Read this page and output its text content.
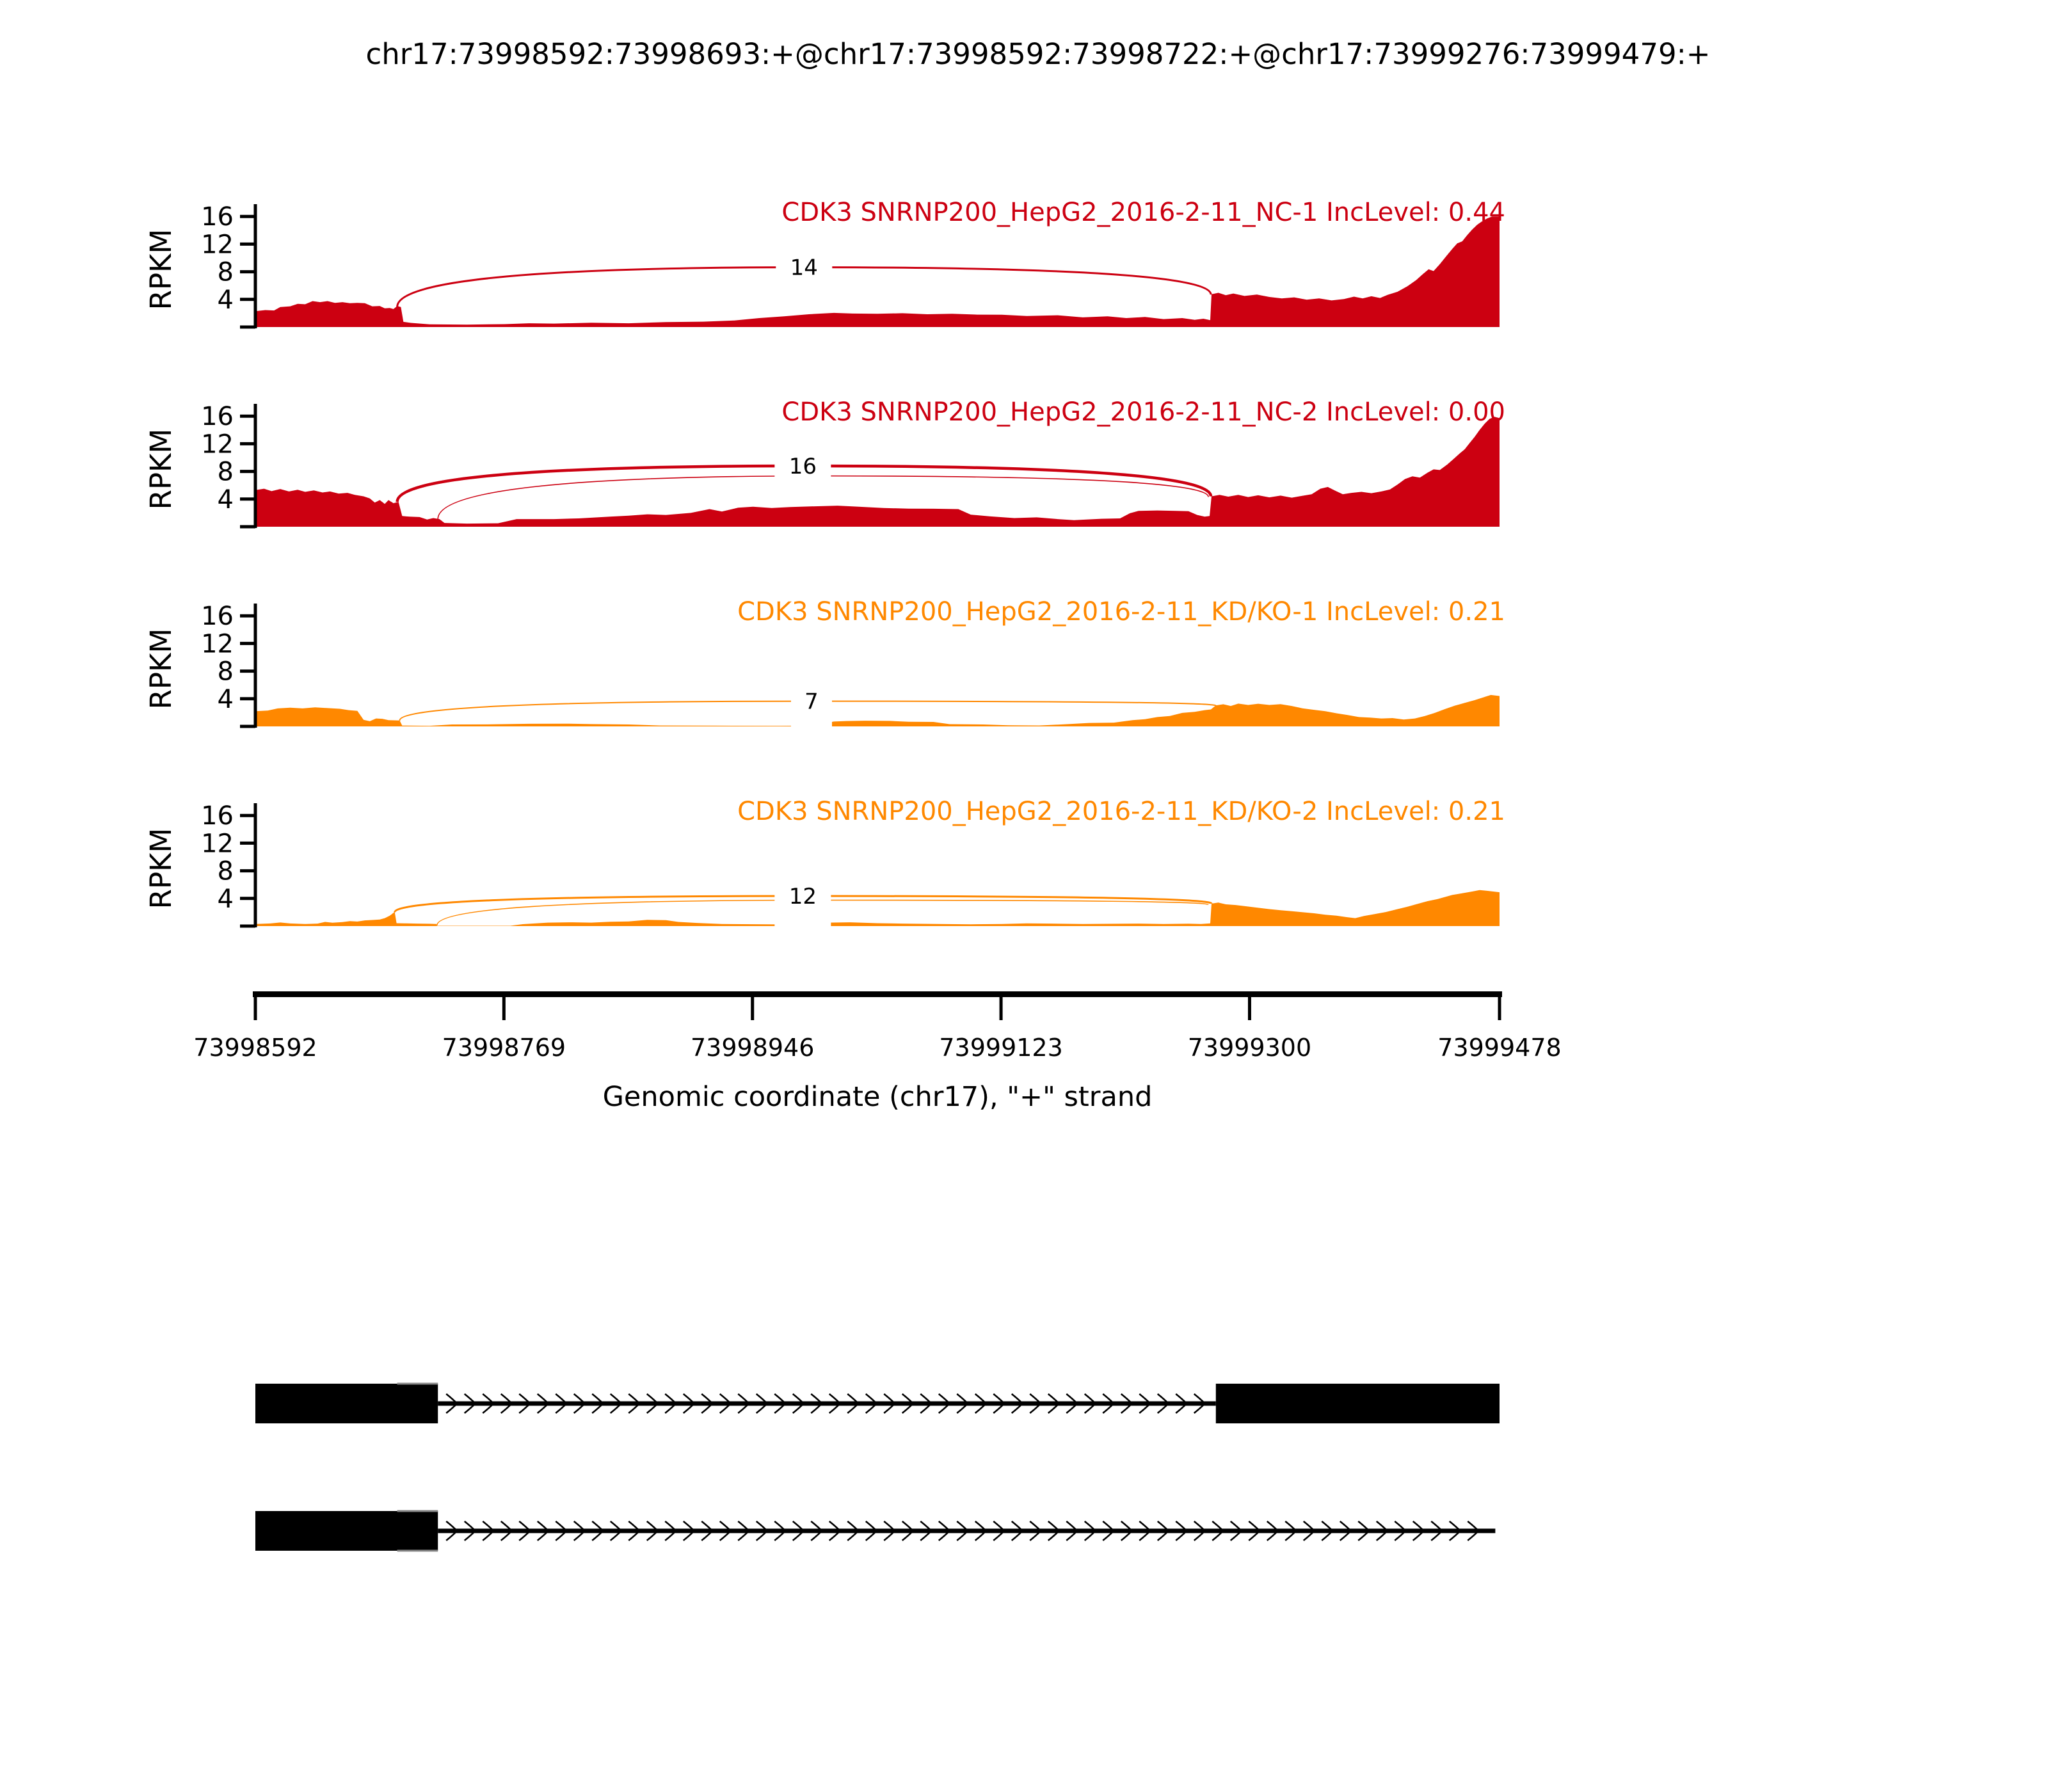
chr17:73998592:73998693:+@chr17:73998592:73998722:+@chr17:73999276:73999479:+
14
4
8
12
16
RPKM
CDK3 SNRNP200_HepG2_2016-2-11_NC-1 IncLevel: 0.44
16
4
8
12
16
RPKM
CDK3 SNRNP200_HepG2_2016-2-11_NC-2 IncLevel: 0.00
7
4
8
12
16
RPKM
CDK3 SNRNP200_HepG2_2016-2-11_KD/KO-1 IncLevel: 0.21
12
4
8
12
16
RPKM
CDK3 SNRNP200_HepG2_2016-2-11_KD/KO-2 IncLevel: 0.21
73998592	73998769	73998946	73999123	73999300	73999478
Genomic coordinate (chr17), "+" strand
